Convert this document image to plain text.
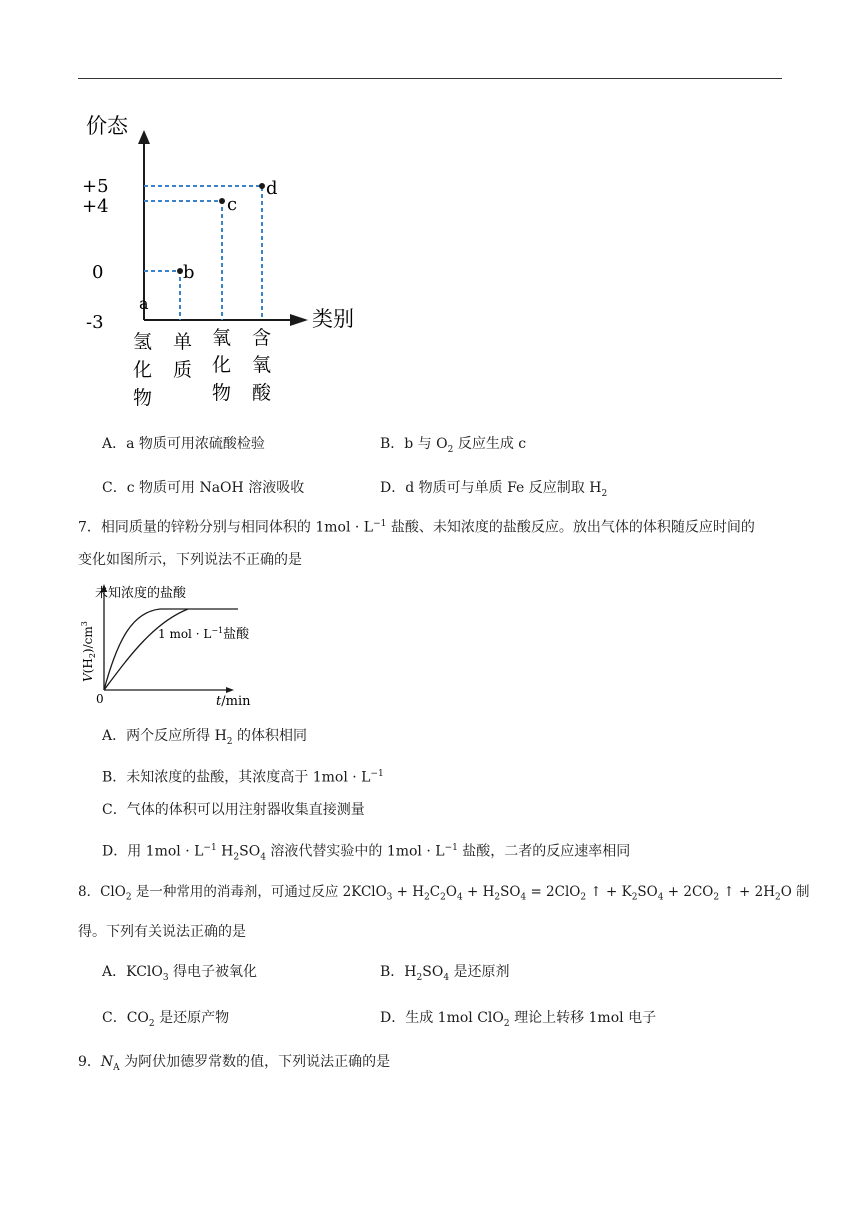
价态
类别
+5
+4
0
-3
d
c
b
a
氢
化
物
单
质
氧
化
物
含
氧
酸
A．a 物质可用浓硫酸检验	B．b 与 $O_2$ 反应生成 c
C．c 物质可用 NaOH 溶液吸收	D．d 物质可与单质 Fe 反应制取 $H_2$
7．相同质量的锌粉分别与相同体积的 $1mol \cdot L^{-1}$ 盐酸、未知浓度的盐酸反应。放出气体的体积随反应时间的
变化如图所示，下列说法不正确的是
0
未知浓度的盐酸
1 mol · $L^{-1}$盐酸
t/min
$V(H_2)/cm^3$
A．两个反应所得 $H_2$ 的体积相同
B．未知浓度的盐酸，其浓度高于 $1mol \cdot L^{-1}$
C．气体的体积可以用注射器收集直接测量
D．用 $1mol \cdot L^{-1}$ $H_2SO_4$ 溶液代替实验中的 $1mol \cdot L^{-1}$ 盐酸，二者的反应速率相同
8．ClO$_2$ 是一种常用的消毒剂，可通过反应 2KClO$_3$ + $H_2C_2O_4 + H_2SO_4 = 2ClO_2$ ↑ + $K_2SO_4 + 2CO_2$ ↑ + $2H_2O$ 制
得。下列有关说法正确的是
A．KClO$_3$ 得电子被氧化	B．$H_2SO_4$ 是还原剂
C．$CO_2$ 是还原产物	D．生成 1mol ClO$_2$ 理论上转移 1mol 电子
9．$N_A$ 为阿伏加德罗常数的值，下列说法正确的是
